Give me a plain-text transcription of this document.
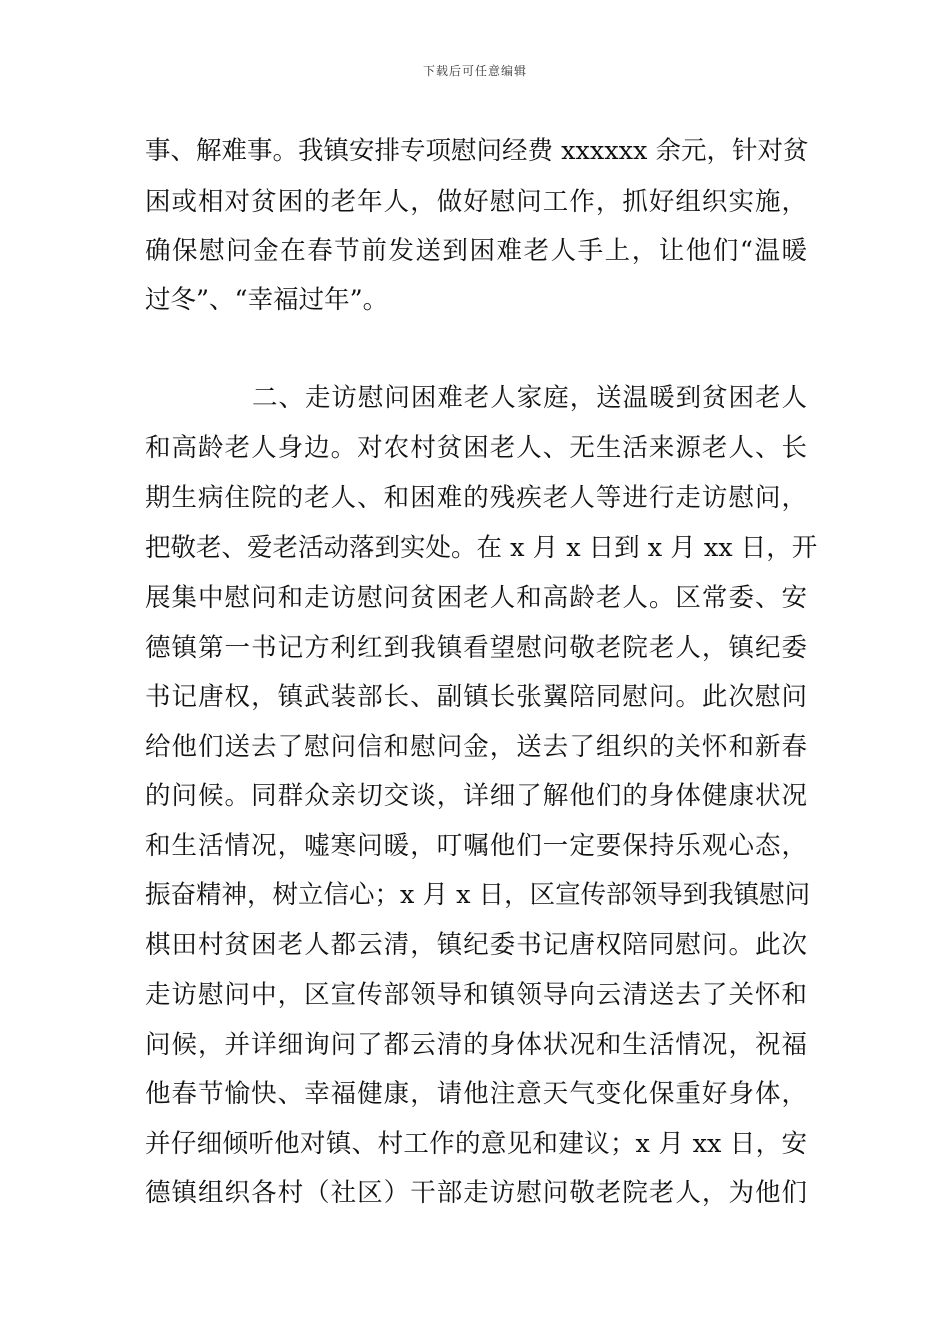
下载后可任意编辑
事、解难事。我镇安排专项慰问经费 xxxxxx 余元，针对贫
困或相对贫困的老年人，做好慰问工作，抓好组织实施，
确保慰问金在春节前发送到困难老人手上，让他们“温暖
过冬”、“幸福过年”。
二、走访慰问困难老人家庭，送温暖到贫困老人
和高龄老人身边。对农村贫困老人、无生活来源老人、长
期生病住院的老人、和困难的残疾老人等进行走访慰问，
把敬老、爱老活动落到实处。在 x 月 x 日到 x 月 xx 日，开
展集中慰问和走访慰问贫困老人和高龄老人。区常委、安
德镇第一书记方利红到我镇看望慰问敬老院老人，镇纪委
书记唐权，镇武装部长、副镇长张翼陪同慰问。此次慰问
给他们送去了慰问信和慰问金，送去了组织的关怀和新春
的问候。同群众亲切交谈，详细了解他们的身体健康状况
和生活情况，嘘寒问暖，叮嘱他们一定要保持乐观心态，
振奋精神，树立信心；x 月 x 日，区宣传部领导到我镇慰问
棋田村贫困老人都云清，镇纪委书记唐权陪同慰问。此次
走访慰问中，区宣传部领导和镇领导向云清送去了关怀和
问候，并详细询问了都云清的身体状况和生活情况，祝福
他春节愉快、幸福健康，请他注意天气变化保重好身体，
并仔细倾听他对镇、村工作的意见和建议；x 月 xx 日，安
德镇组织各村（社区）干部走访慰问敬老院老人，为他们
